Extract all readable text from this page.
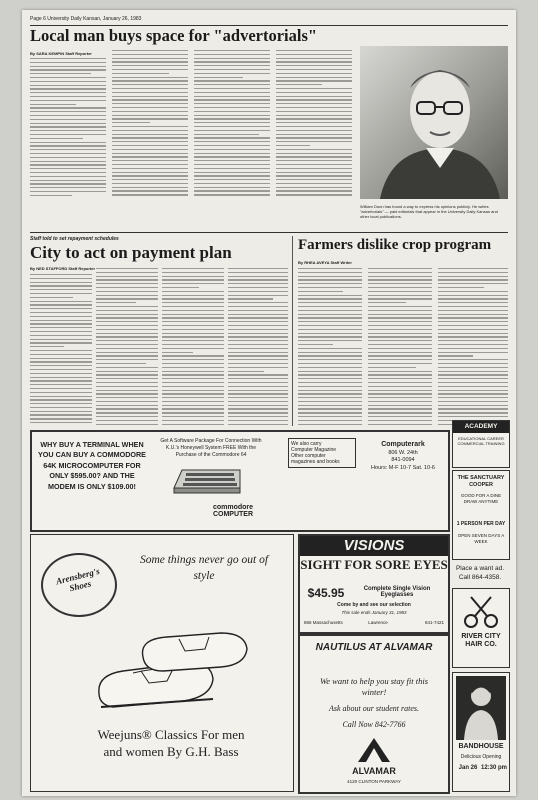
Page 6 University Daily Kansan, January 26, 1983
Local man buys space for "advertorials"
By SARA KEMPIN Staff Reporter
William Dunn has found a way to express his opinions publicly. He writes "advertorials" — paid editorials that appear in the University Daily Kansan and other local publications.
Staff told to set repayment schedules
City to act on payment plan
By NED STAFFORD Staff Reporter
Farmers dislike crop program
By RHEA AVEYA Staff Writer
WHY BUY A TERMINAL WHEN YOU CAN BUY A COMMODORE 64K MICROCOMPUTER FOR ONLY $595.00? AND THE MODEM IS ONLY $109.00!
Get A Software Package For Connection With K.U.'s Honeywell System FREE With the Purchase of the Commodore 64
commodore COMPUTER
We also carry
Computer Magazine
Other computer
magazines and books
Computerark
806 W. 24th
841-0094
Hours: M-F 10-7 Sat. 10-6
Arensberg's Shoes
Some things never go out of style
Weejuns® Classics For men and women By G.H. Bass
VISIONS
SIGHT FOR SORE EYES
$45.95	Complete Single Vision Eyeglasses
Come by and see our selection
This sale ends January 31, 1983
866 Massachusetts	Lawrence	841-7421
NAUTILUS AT ALVAMAR
We want to help you stay fit this winter!
Ask about our student rates.
Call Now 842-7766
ALVAMAR
4120 CLINTON PARKWAY
ACADEMY
EDUCATIONAL CAREER COMMERCIAL TRAINING
THE SANCTUARY COOPER
GOOD FOR A DINE DRAW ANYTIME
1 PERSON PER DAY
OPEN SEVEN DAYS A WEEK
Place a want ad.
Call 864-4358.
RIVER CITY HAIR CO.
BANDHOUSE
Delicious Opening
Jan 26 12:30 pm
